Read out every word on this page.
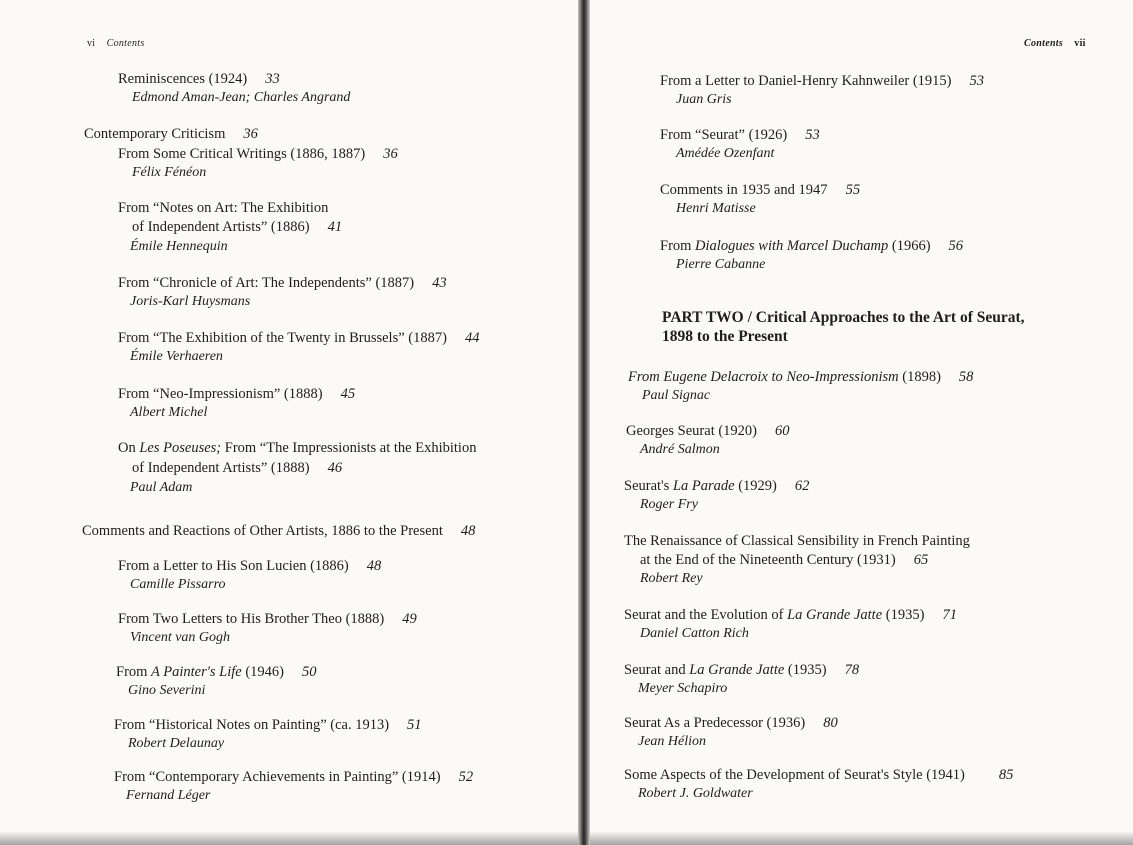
vi Contents
Reminiscences (1924) 33
Edmond Aman-Jean; Charles Angrand
Contemporary Criticism 36
From Some Critical Writings (1886, 1887) 36
Félix Fénéon
From “Notes on Art: The Exhibition
of Independent Artists” (1886) 41
Émile Hennequin
From “Chronicle of Art: The Independents” (1887) 43
Joris-Karl Huysmans
From “The Exhibition of the Twenty in Brussels” (1887) 44
Émile Verhaeren
From “Neo-Impressionism” (1888) 45
Albert Michel
On Les Poseuses; From “The Impressionists at the Exhibition
of Independent Artists” (1888) 46
Paul Adam
Comments and Reactions of Other Artists, 1886 to the Present 48
From a Letter to His Son Lucien (1886) 48
Camille Pissarro
From Two Letters to His Brother Theo (1888) 49
Vincent van Gogh
From A Painter's Life (1946) 50
Gino Severini
From “Historical Notes on Painting” (ca. 1913) 51
Robert Delaunay
From “Contemporary Achievements in Painting” (1914) 52
Fernand Léger
Contents vii
From a Letter to Daniel-Henry Kahnweiler (1915) 53
Juan Gris
From “Seurat” (1926) 53
Amédée Ozenfant
Comments in 1935 and 1947 55
Henri Matisse
From Dialogues with Marcel Duchamp (1966) 56
Pierre Cabanne
PART TWO / Critical Approaches to the Art of Seurat,
1898 to the Present
From Eugene Delacroix to Neo-Impressionism (1898) 58
Paul Signac
Georges Seurat (1920) 60
André Salmon
Seurat's La Parade (1929) 62
Roger Fry
The Renaissance of Classical Sensibility in French Painting
at the End of the Nineteenth Century (1931) 65
Robert Rey
Seurat and the Evolution of La Grande Jatte (1935) 71
Daniel Catton Rich
Seurat and La Grande Jatte (1935) 78
Meyer Schapiro
Seurat As a Predecessor (1936) 80
Jean Hélion
Some Aspects of the Development of Seurat's Style (1941) 85
Robert J. Goldwater
